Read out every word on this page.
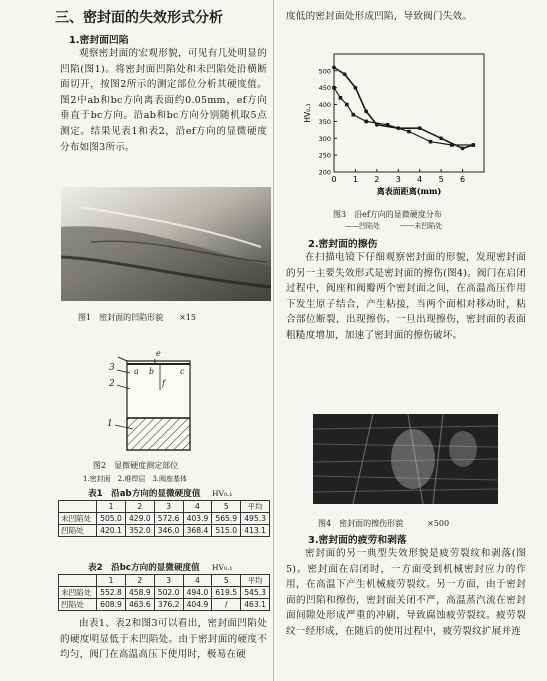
三、密封面的失效形式分析
1.密封面凹陷
观察密封面的宏观形貌，可见有几处明显的凹陷(图1)。将密封面凹陷处和未凹陷处沿横断面切开，按图2所示的测定部位分析其硬度值。图2中ab和bc方向离表面约0.05mm，ef方向垂直于bc方向。沿ab和bc方向分别随机取5点测定。结果见表1和表2，沿ef方向的显微硬度分布如图3所示。
图1　密封面的凹陷形貌　　×15
3
2
1
e
b	c
a
f
图2　显微硬度测定部位
1.密封面　2.堆焊层　3.阀座基体
表1　沿ab方向的显微硬度值 HV₀.₁
	1	2	3	4	5	平均
未凹陷处	505.0	429.0	572.6	403.9	565.9	495.3
凹陷处	420.1	352.0	346.0	368.4	515.0	413.1
表2　沿bc方向的显微硬度值 HV₀.₁
	1	2	3	4	5	平均
未凹陷处	552.8	458.9	502.0	494.0	619.5	545.3
凹陷处	608.9	463.6	376.2	404.9	/	463.1
由表1、表2和图3可以看出，密封面凹陷处的硬度明显低于未凹陷处。由于密封面的硬度不均匀，阀门在高温高压下使用时，极易在硬
度低的密封面处形成凹陷，导致阀门失效。
0 1 2 3 4 5 6
200
250
300
350
400
450
500
离表面距离(mm)
HV₀.₁
图3　沿ef方向的显微硬度分布
——凹陷处	------未凹陷处
2.密封面的擦伤
在扫描电镜下仔细观察密封面的形貌，发现密封面的另一主要失效形式是密封面的擦伤(图4)。阀门在启闭过程中，阀座和阀瓣两个密封面之间，在高温高压作用下发生原子结合，产生粘接，当两个面相对移动时，粘合部位断裂，出现擦伤。一旦出现擦伤，密封面的表面粗糙度增加，加速了密封面的擦伤破坏。
图4　密封面的擦伤形貌　　　×500
3.密封面的疲劳和剥落
密封面的另一典型失效形貌是疲劳裂纹和剥落(图5)。密封面在启闭时，一方面受到机械密封应力的作用，在高温下产生机械疲劳裂纹。另一方面，由于密封面的凹陷和擦伤，密封面关闭不严，高温蒸汽流在密封面间隙处形成严重的冲刷，导致腐蚀疲劳裂纹。疲劳裂纹一经形成，在随后的使用过程中，疲劳裂纹扩展并连
